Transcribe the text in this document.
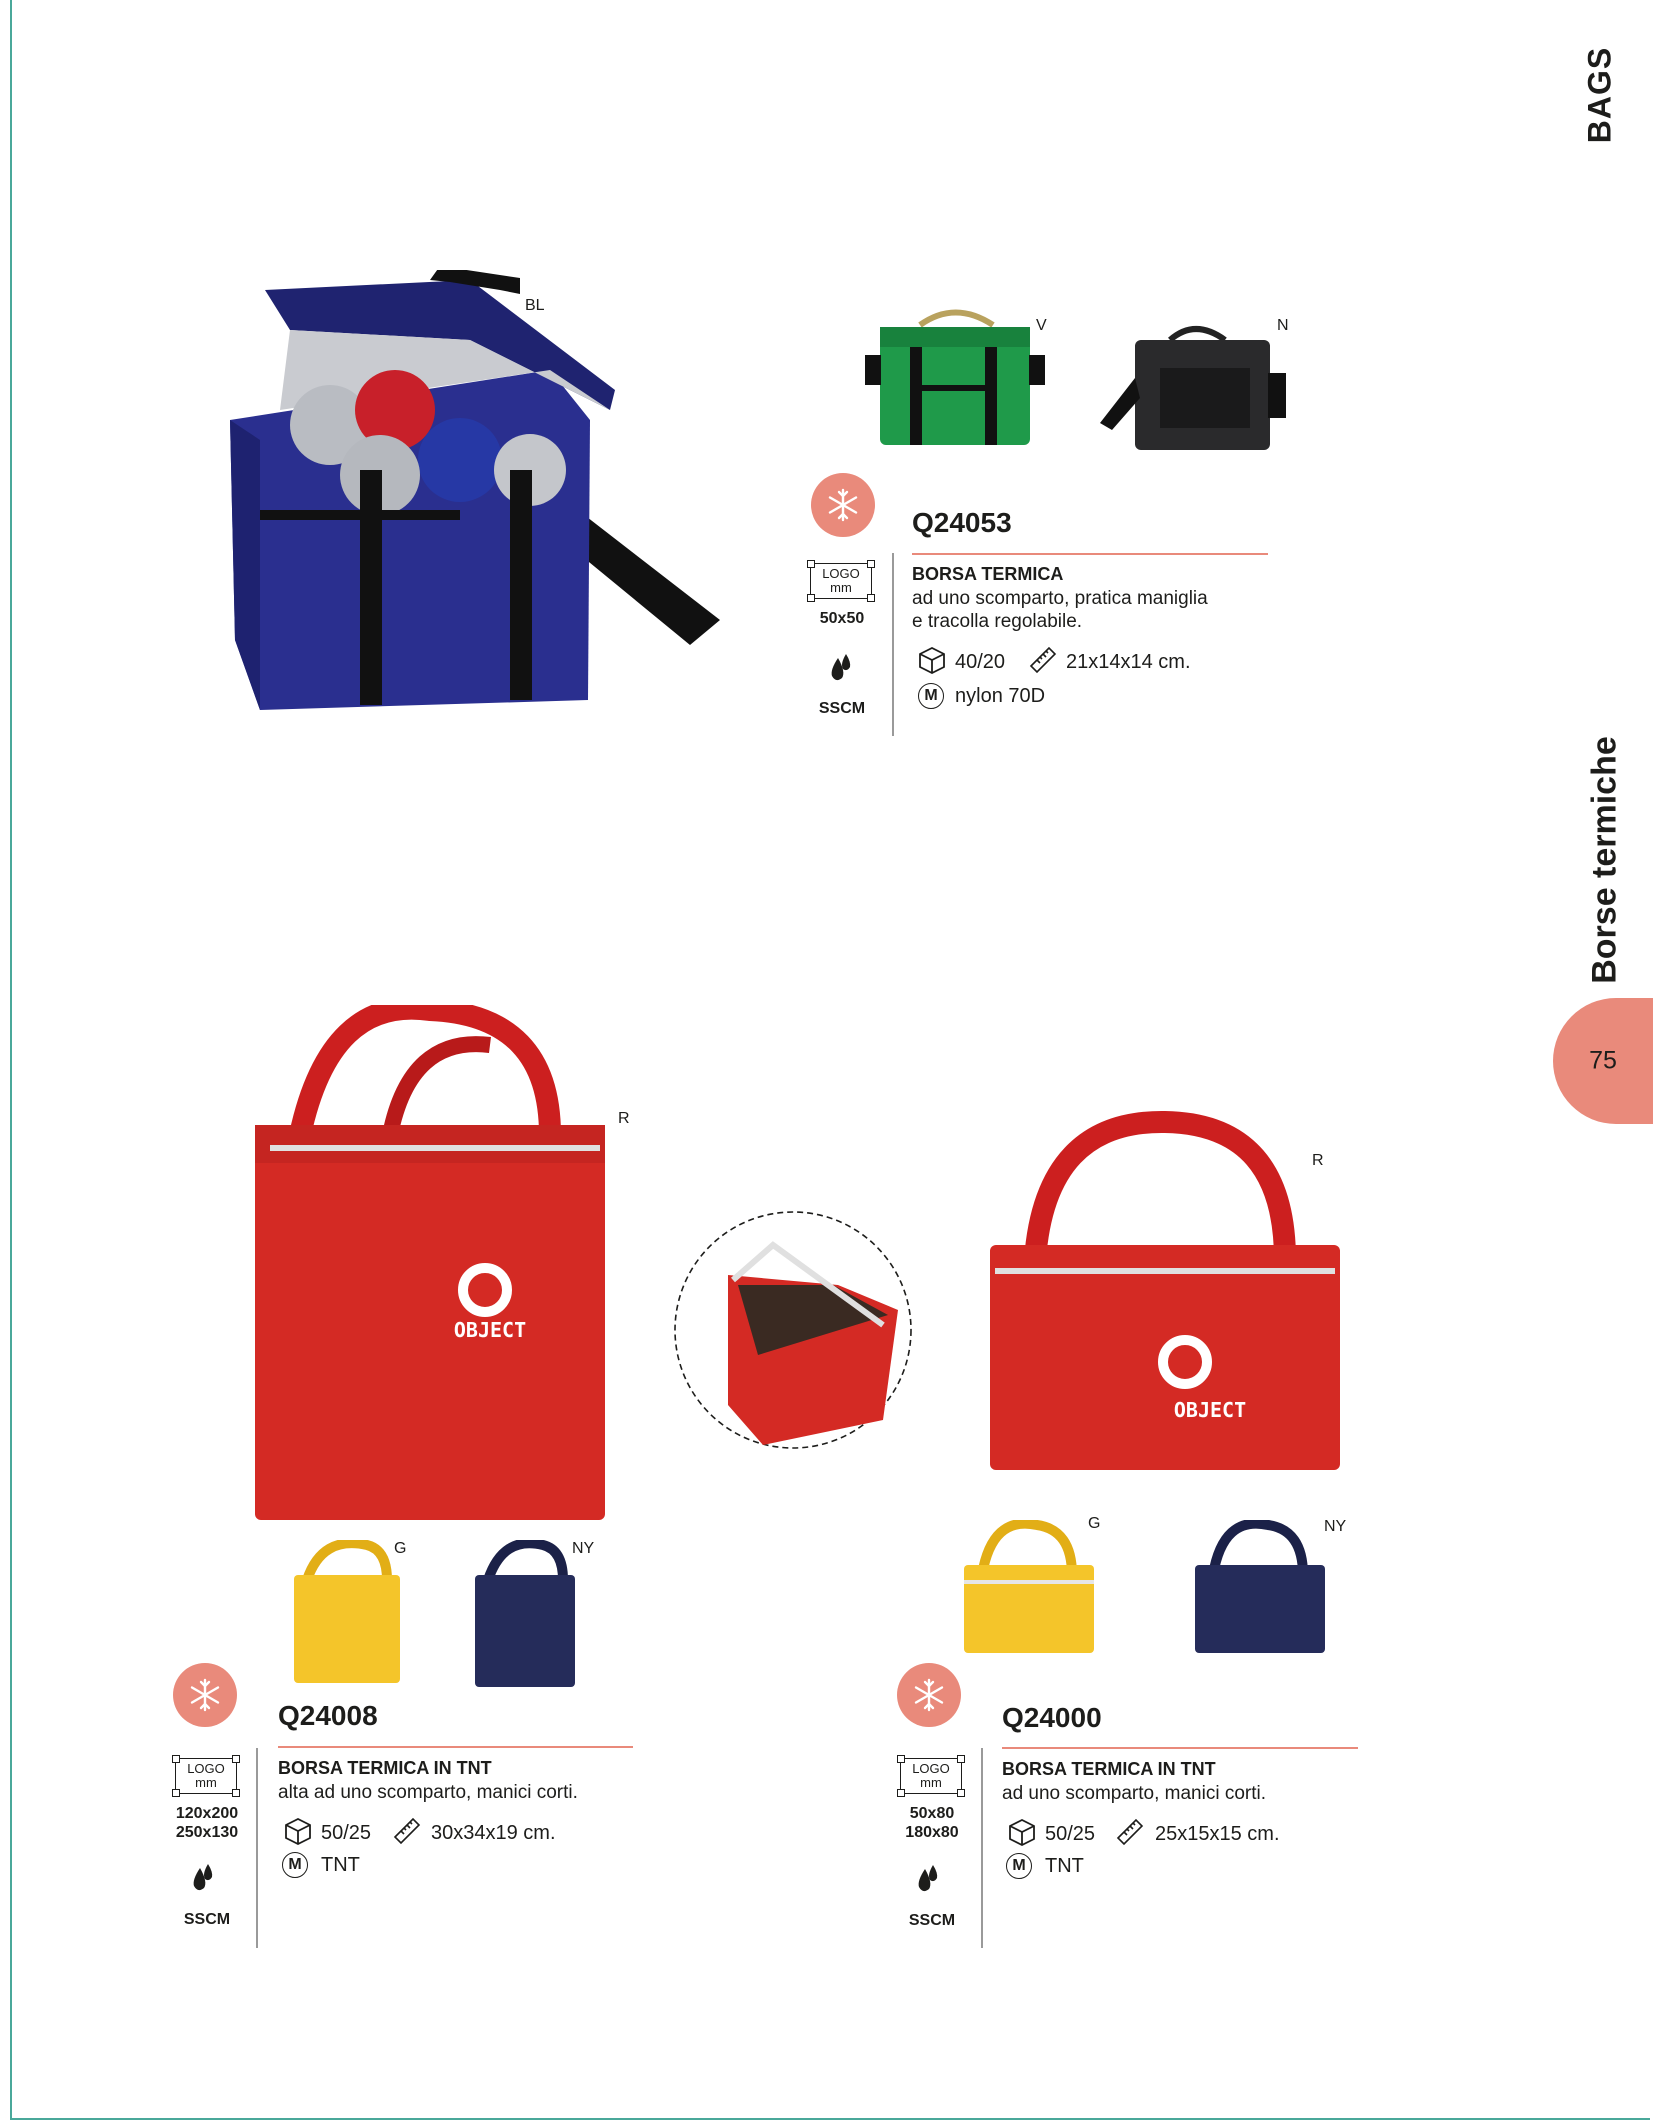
BAGS
Borse termiche
75
BL
V	N
Q24053
BORSA TERMICA
ad uno scomparto, pratica maniglia
e tracolla regolabile.
40/20	21x14x14 cm.
M nylon 70D
LOGO
mm
50x50
SSCM
OBJECT
R
OBJECT
R
G	NY
G	NY
Q24008
BORSA TERMICA IN TNT
alta ad uno scomparto, manici corti.
50/25	30x34x19 cm.
M TNT
LOGO
mm
120x200
250x130
SSCM
Q24000
BORSA TERMICA IN TNT
ad uno scomparto, manici corti.
50/25	25x15x15 cm.
M TNT
LOGO
mm
50x80
180x80
SSCM
